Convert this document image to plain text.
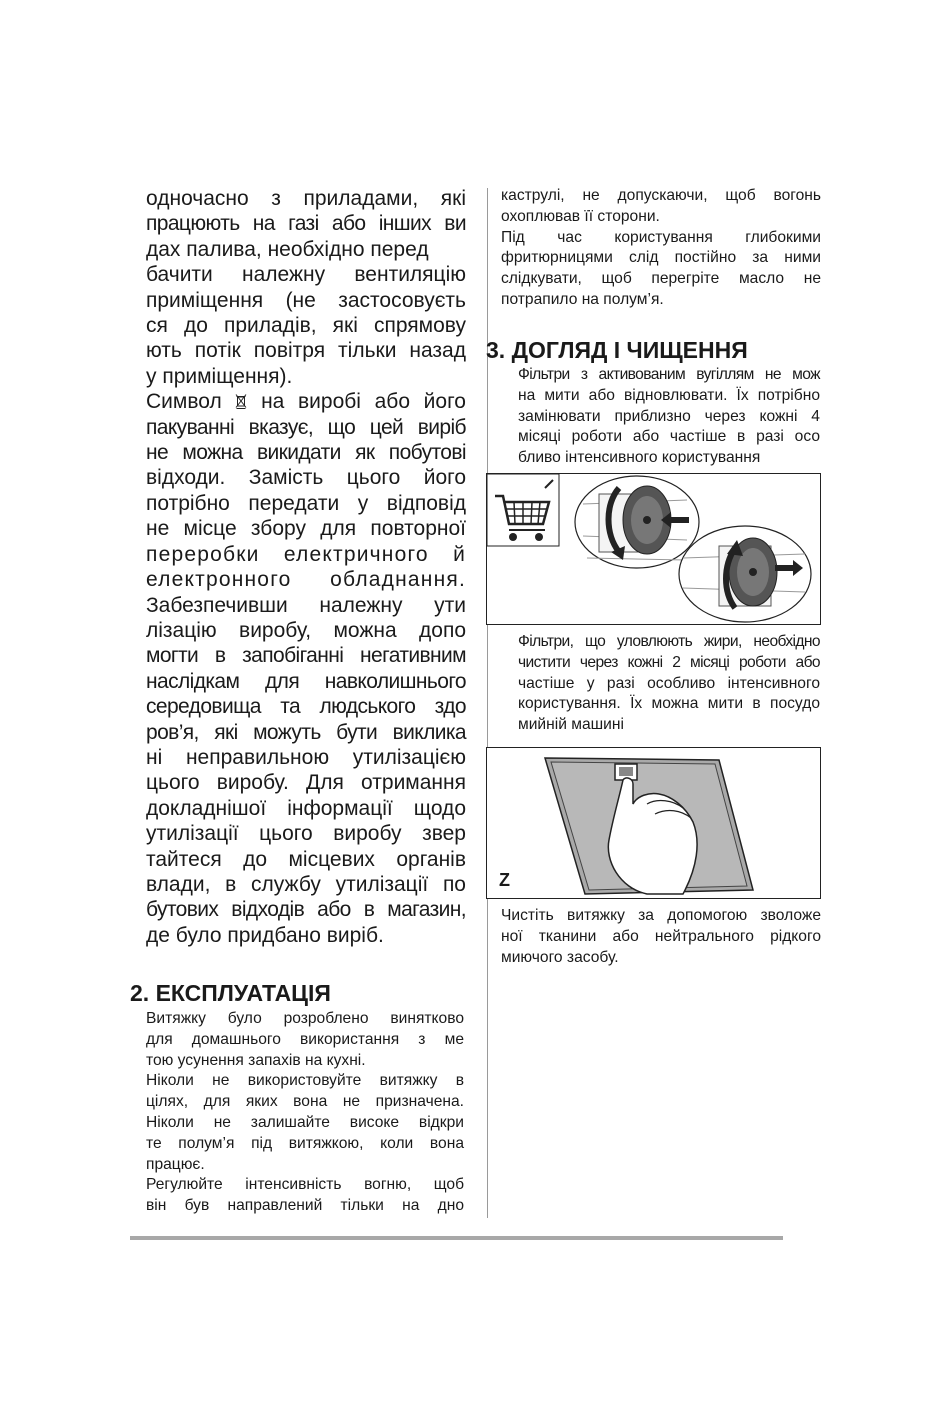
одночасно з приладами, які
працюють на газі або інших ви
дах палива, необхідно перед
бачити належну вентиляцію
приміщення (не застосовуєть
ся до приладів, які спрямову
ють потік повітря тільки назад
у приміщення).
Символ на виробі або його
пакуванні вказує, що цей виріб
не можна викидати як побутові
відходи. Замість цього його
потрібно передати у відповід
не місце збору для повторної
переробки електричного й
електронного обладнання.
Забезпечивши належну ути
лізацію виробу, можна допо
могти в запобіганні негативним
наслідкам для навколишнього
середовища та людського здо
ров’я, які можуть бути виклика
ні неправильною утилізацією
цього виробу. Для отримання
докладнішої інформації щодо
утилізації цього виробу звер
тайтеся до місцевих органів
влади, в службу утилізації по
бутових відходів або в магазин,
де було придбано виріб.
2. ЕКСПЛУАТАЦІЯ
Витяжку було розроблено винятково
для домашнього використання з ме
тою усунення запахів на кухні.
Ніколи не використовуйте витяжку в
цілях, для яких вона не призначена.
Ніколи не залишайте високе відкри
те полум’я під витяжкою, коли вона
працює.
Регулюйте інтенсивність вогню, щоб
він був направлений тільки на дно
каструлі, не допускаючи, щоб вогонь
охоплював її сторони.
Під час користування глибокими
фритюрницями слід постійно за ними
слідкувати, щоб перегріте масло не
потрапило на полум’я.
3. ДОГЛЯД І ЧИЩЕННЯ
Фільтри з активованим вугіллям не мож
на мити або відновлювати. Їх потрібно
замінювати приблизно через кожні 4
місяці роботи або частіше в разі осо
бливо інтенсивного користування
Фільтри, що уловлюють жири, необхідно
чистити через кожні 2 місяці роботи або
частіше у разі особливо інтенсивного
користування. Їх можна мити в посудо
мийній машині
Z
Чистіть витяжку за допомогою зволоже
ної тканини або нейтрального рідкого
миючого засобу.
